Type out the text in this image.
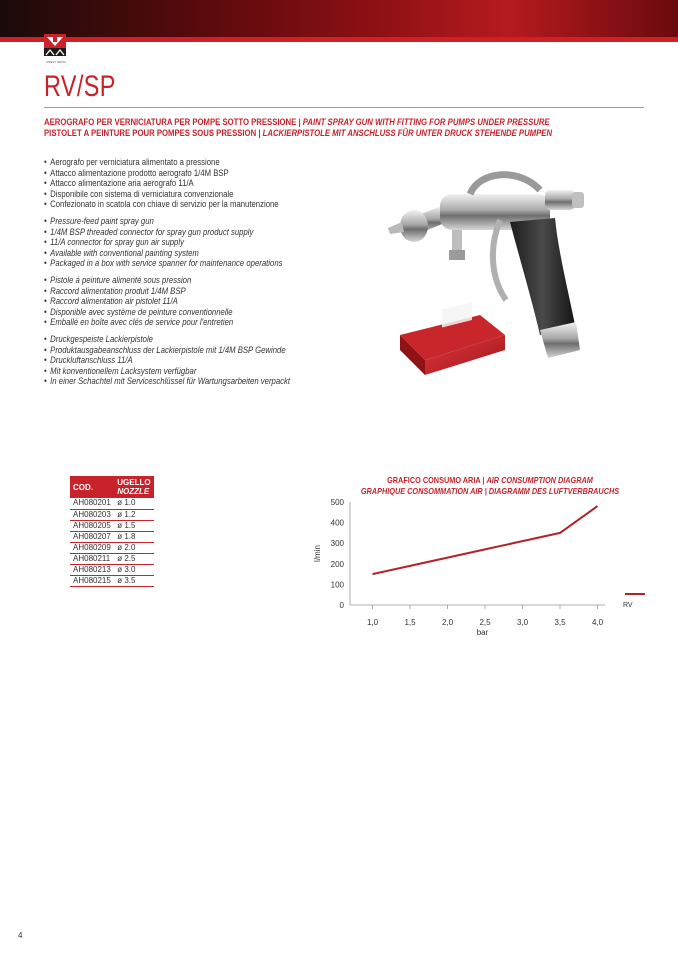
ANEST IWATA
RV/SP
AEROGRAFO PER VERNICIATURA PER POMPE SOTTO PRESSIONE | PAINT SPRAY GUN WITH FITTING FOR PUMPS UNDER PRESSURE
PISTOLET A PEINTURE POUR POMPES SOUS PRESSION | LACKIERPISTOLE MIT ANSCHLUSS FÜR UNTER DRUCK STEHENDE PUMPEN
• Aerografo per verniciatura alimentato a pressione
• Attacco alimentazione prodotto aerografo 1/4M BSP
• Attacco alimentazione aria aerografo 11/A
• Disponibile con sistema di verniciatura convenzionale
• Confezionato in scatola con chiave di servizio per la manutenzione
• Pressure-feed paint spray gun
• 1/4M BSP threaded connector for spray gun product supply
• 11/A connector for spray gun air supply
• Available with conventional painting system
• Packaged in a box with service spanner for maintenance operations
• Pistole á peinture alimenté sous pression
• Raccord alimentation produit 1/4M BSP
• Raccord alimentation air pistolet 11/A
• Disponible avec système de peinture conventionnelle
• Emballé en boîte avec clés de service pour l'entretien
• Druckgespeiste Lackierpistole
• Produktausgabeanschluss der Lackierpistole mit 1/4M BSP Gewinde
• Druckluftanschluss 11/A
• Mit konventionellem Lacksystem verfügbar
• In einer Schachtel mit Serviceschlüssel für Wartungsarbeiten verpackt
COD.	UGELLO
NOZZLE

AH080201	ø 1.0
AH080203	ø 1.2
AH080205	ø 1.5
AH080207	ø 1.8
AH080209	ø 2.0
AH080211	ø 2.5
AH080213	ø 3.0
AH080215	ø 3.5
GRAFICO CONSUMO ARIA | AIR CONSUMPTION DIAGRAM
GRAPHIQUE CONSOMMATION AIR | DIAGRAMM DES LUFTVERBRAUCHS
0
100
200
300
400
500
1,0	1,5	2,0	2,5	3,0	3,5	4,0
bar
l/min
RV
4
